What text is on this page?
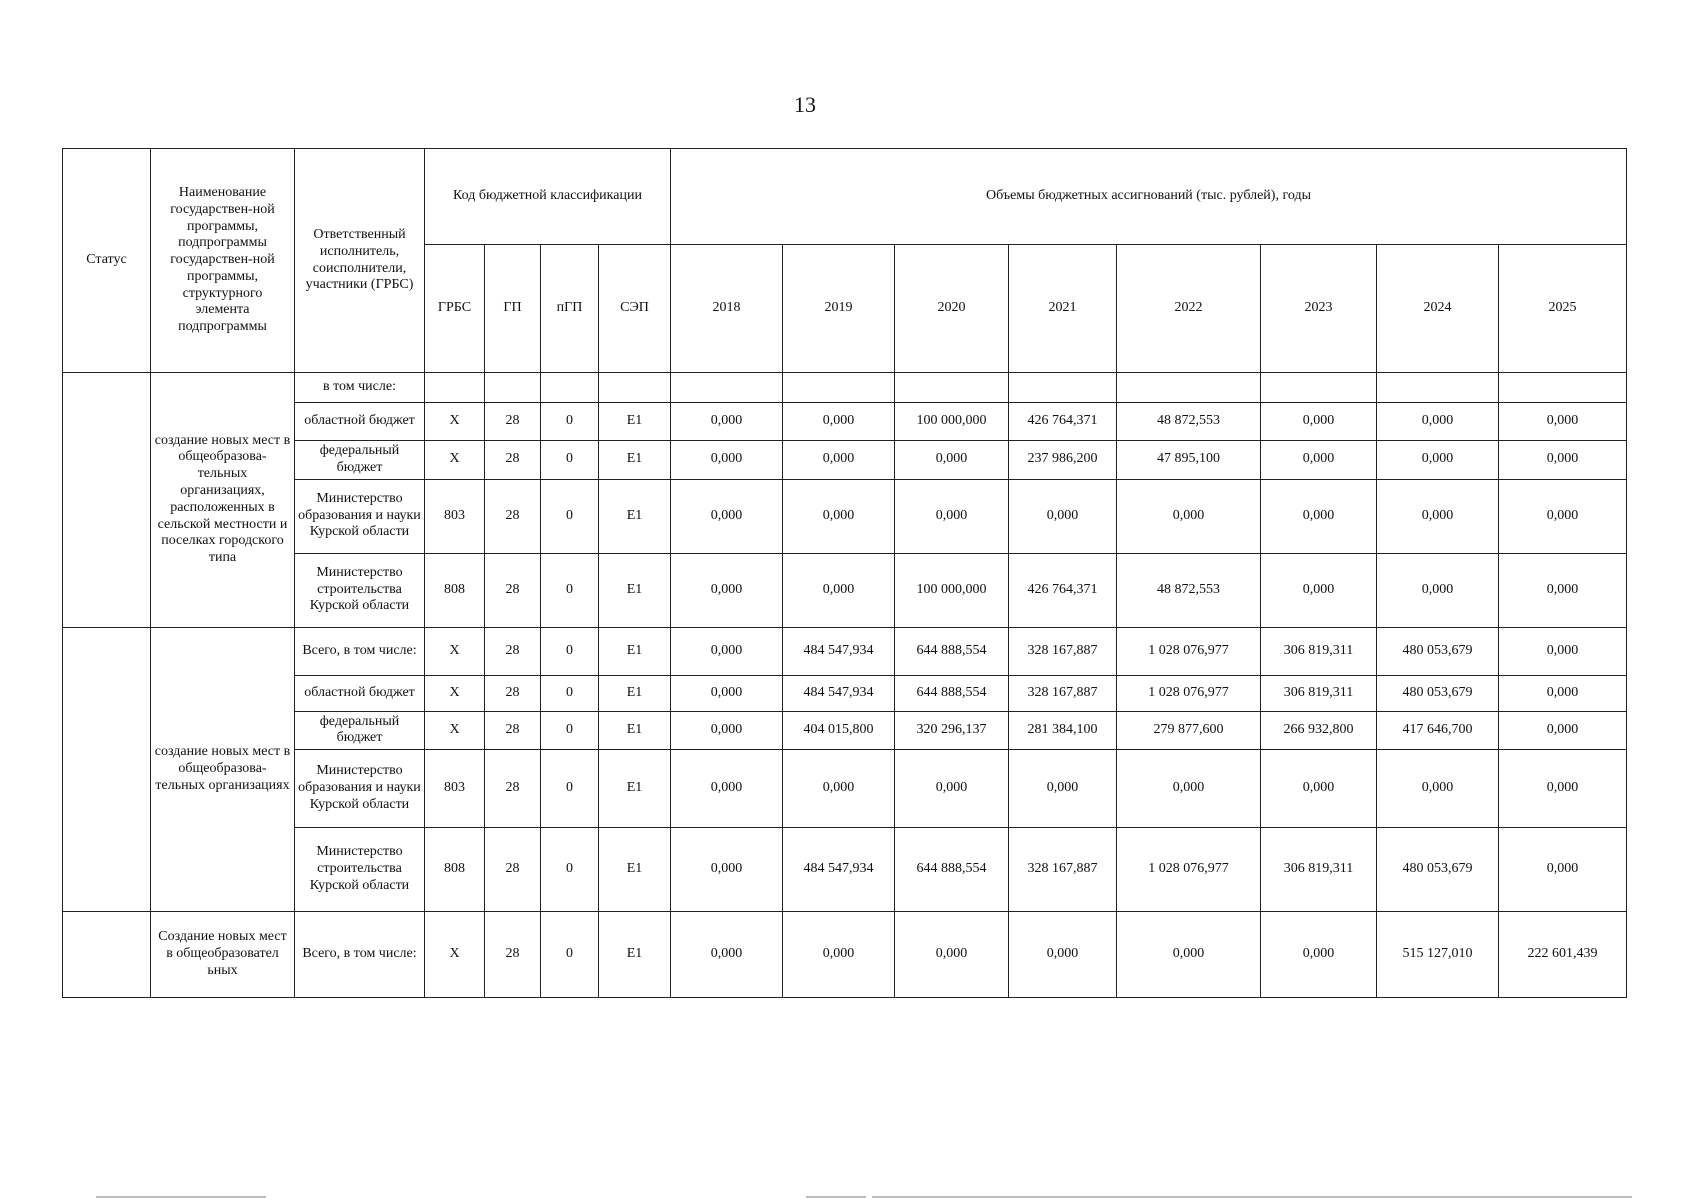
13
Статус	Наименование государствен-ной программы, подпрограммы государствен-ной программы, структурного элемента подпрограммы	Ответственный исполнитель, соисполнители, участники (ГРБС)	Код бюджетной классификации				Объемы бюджетных ассигнований (тыс. рублей), годы							
			ГРБС	ГП	пГП	СЭП	2018	2019	2020	2021	2022	2023	2024	2025
	создание новых мест в общеобразова-тельных организациях, расположенных в сельской местности и поселках городского типа	в том числе:												
		областной бюджет	Х	28	0	Е1	0,000	0,000	100 000,000	426 764,371	48 872,553	0,000	0,000	0,000
		федеральный бюджет	Х	28	0	Е1	0,000	0,000	0,000	237 986,200	47 895,100	0,000	0,000	0,000
		Министерство образования и науки Курской области	803	28	0	Е1	0,000	0,000	0,000	0,000	0,000	0,000	0,000	0,000
		Министерство строительства Курской области	808	28	0	Е1	0,000	0,000	100 000,000	426 764,371	48 872,553	0,000	0,000	0,000
	создание новых мест в общеобразова-тельных организациях	Всего, в том числе:	Х	28	0	Е1	0,000	484 547,934	644 888,554	328 167,887	1 028 076,977	306 819,311	480 053,679	0,000
		областной бюджет	Х	28	0	Е1	0,000	484 547,934	644 888,554	328 167,887	1 028 076,977	306 819,311	480 053,679	0,000
		федеральный бюджет	Х	28	0	Е1	0,000	404 015,800	320 296,137	281 384,100	279 877,600	266 932,800	417 646,700	0,000
		Министерство образования и науки Курской области	803	28	0	Е1	0,000	0,000	0,000	0,000	0,000	0,000	0,000	0,000
		Министерство строительства Курской области	808	28	0	Е1	0,000	484 547,934	644 888,554	328 167,887	1 028 076,977	306 819,311	480 053,679	0,000
	Создание новых мест в общеобразовател ьных	Всего, в том числе:	Х	28	0	Е1	0,000	0,000	0,000	0,000	0,000	0,000	515 127,010	222 601,439
